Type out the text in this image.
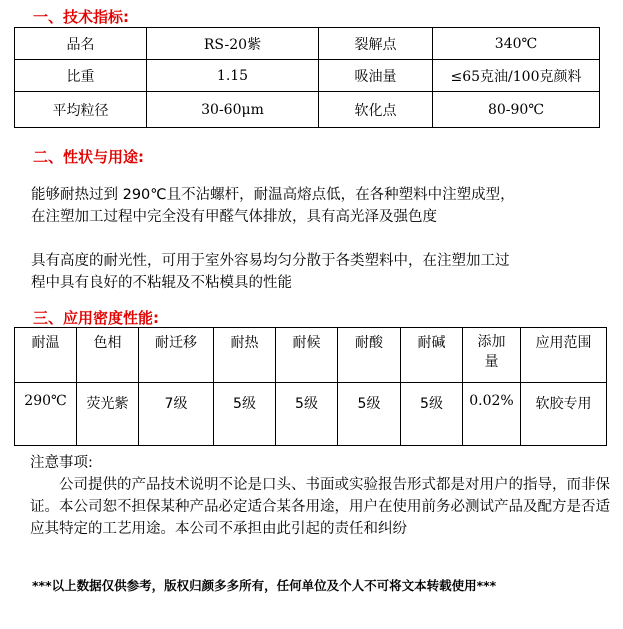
一、技术指标:
品名	RS-20紫	裂解点	340℃
比重	1.15	吸油量	≤65克油/100克颜料
平均粒径	30-60μm	软化点	80-90℃
二、性状与用途:
能够耐热过到 290℃且不沾螺杆，耐温高熔点低，在各种塑料中注塑成型，
在注塑加工过程中完全没有甲醛气体排放，具有高光泽及强色度
具有高度的耐光性，可用于室外容易均匀分散于各类塑料中，在注塑加工过
程中具有良好的不粘辊及不粘模具的性能
三、应用密度性能:
耐温	色相	耐迁移	耐热	耐候	耐酸	耐碱	添加量	应用范围
290℃	荧光紫	7级	5级	5级	5级	5级	0.02%	软胶专用
注意事项:
公司提供的产品技术说明不论是口头、书面或实验报告形式都是对用户的指导，而非保证。本公司恕不担保某种产品必定适合某各用途，用户在使用前务必测试产品及配方是否适应其特定的工艺用途。本公司不承担由此引起的责任和纠纷
***以上数据仅供参考，版权归颜多多所有，任何单位及个人不可将文本转载使用***
